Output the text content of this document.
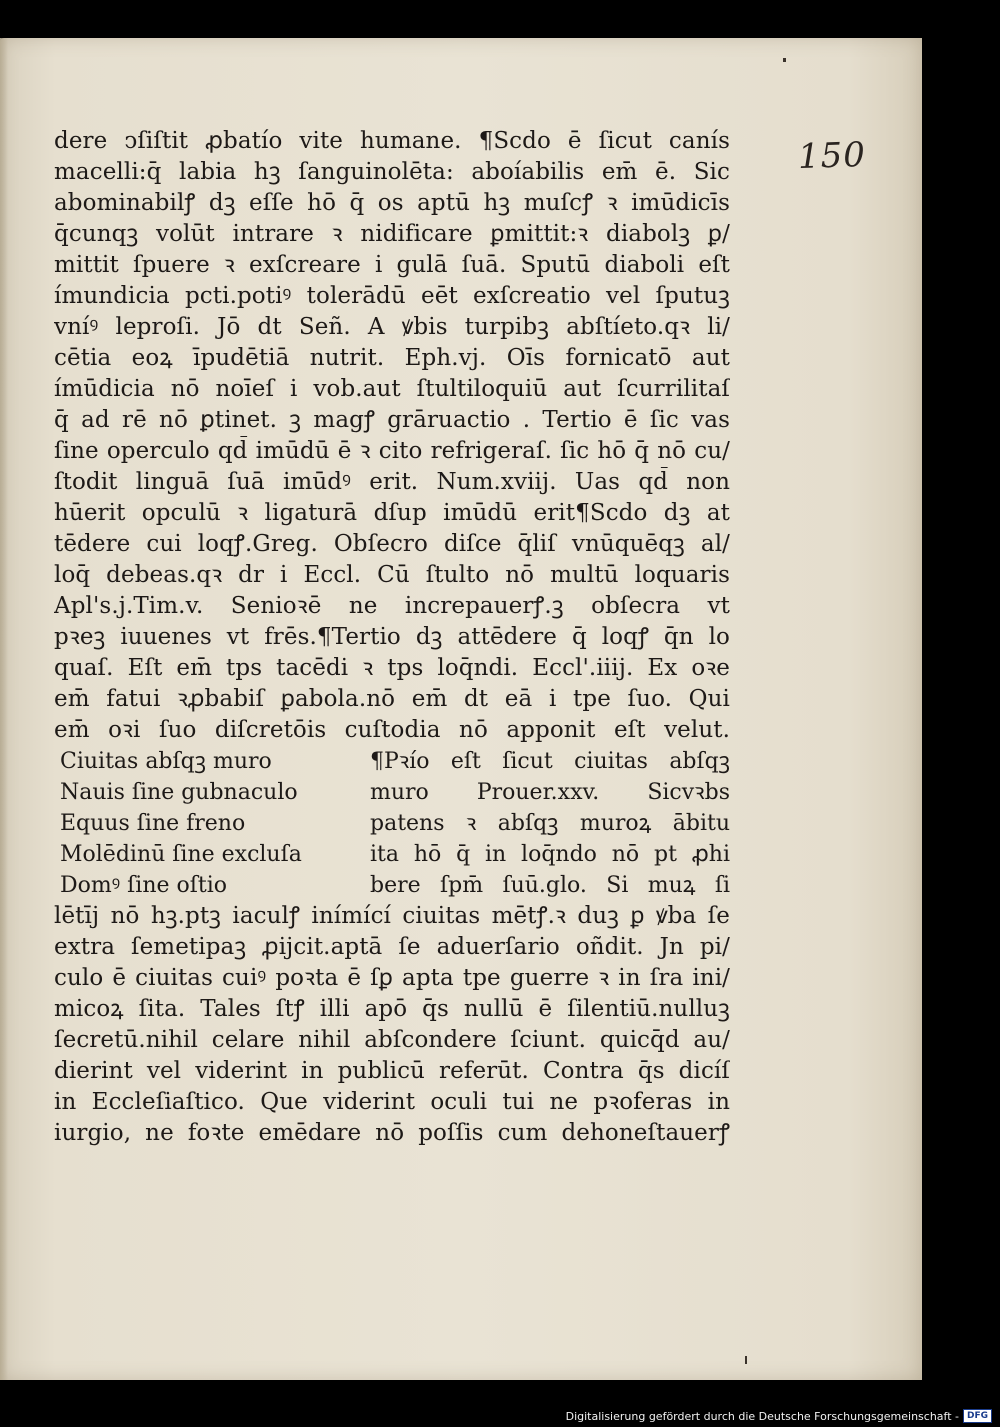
150
dere ↄſiſtit ꝓbatío vite humane. ¶Scdo ē ſicut canís
macelli:q̄ labia hꝫ ſanguinolēta: aboíabilis em̄ ē. Sic
abominabilꝭ dꝫ eſſe hō q̄ os aptū hꝫ muſcꝭ ꝛ imūdicīs
q̄cunqꝫ volūt intrare ꝛ nidificare ꝑmittit:ꝛ diabolꝫ ꝑ/
mittit ſpuere ꝛ exſcreare i gulā ſuā. Sputū diaboli eſt
ímundicia pcti.potiꝰ tolerādū eēt exſcreatio vel ſputuꝫ
vníꝰ leproſi. Jō dt Señ. A ꝟbis turpibꝫ abſtíeto.qꝛ li/
cētia eoꝝ īpudētiā nutrit. Eph.vj. Oīs fornicatō aut
ímūdicia nō noīeſ i vob.aut ſtultiloquiū aut ſcurrilitaſ
q̄ ad rē nō ꝑtinet. ꝫ magꝭ grāruactio . Tertio ē ſic vas
ſine operculo qd̄ imūdū ē ꝛ cito refrigeraſ. ſic hō q̄ nō cu/
ſtodit linguā ſuā imūdꝰ erit. Num.xviij. Uas qd̄ non
hūerit opculū ꝛ ligaturā dſup imūdū erit¶Scdo dꝫ at
tēdere cui loqꝭ.Greg. Obſecro diſce q̄liſ vnūquēqꝫ al/
loq̄ debeas.qꝛ dr i Eccl. Cū ſtulto nō multū loquaris
Apl's.j.Tim.v. Senioꝛē ne increpauerꝭ.ꝫ obſecra vt
pꝛeꝫ iuuenes vt frēs.¶Tertio dꝫ attēdere q̄ loqꝭ q̄n lo
quaſ. Eſt em̄ tps tacēdi ꝛ tps loq̄ndi. Eccl'.iiij. Ex oꝛe
em̄ fatui ꝛꝓbabiſ ꝑabola.nō em̄ dt eā i tpe ſuo. Qui
em̄ oꝛi ſuo diſcretōis cuſtodia nō apponit eſt velut.
Ciuitas abſqꝫ muro
Nauis ſine gubnaculo
Equus ſine freno
Molēdinū ſine excluſa
Domꝰ ſine oſtio
¶Pꝛío eſt ſicut ciuitas abſqꝫ
muro Prouer.xxv. Sicvꝛbs
patens ꝛ abſqꝫ muroꝝ ābitu
ita hō q̄ in loq̄ndo nō pt ꝓhi
bere ſpm̄ ſuū.glo. Si muꝝ ſi
lētīj nō hꝫ.ptꝫ iaculꝭ inímící ciuitas mētꝭ.ꝛ duꝫ ꝑ ꝟba ſe
extra ſemetipaꝫ ꝓijcit.aptā ſe aduerſario oñdit. Jn pi/
culo ē ciuitas cuiꝰ poꝛta ē ſꝑ apta tpe guerre ꝛ in ſra ini/
micoꝝ ſita. Tales ſtꝭ illi apō q̄s nullū ē ſilentiū.nulluꝫ
ſecretū.nihil celare nihil abſcondere ſciunt. quicq̄d au/
dierint vel viderint in publicū referūt. Contra q̄s dicíſ
in Eccleſiaſtico. Que viderint oculi tui ne pꝛoferas in
iurgio, ne foꝛte emēdare nō poſſis cum dehoneſtauerꝭ
Digitalisierung gefördert durch die Deutsche Forschungsgemeinschaft - DFG
